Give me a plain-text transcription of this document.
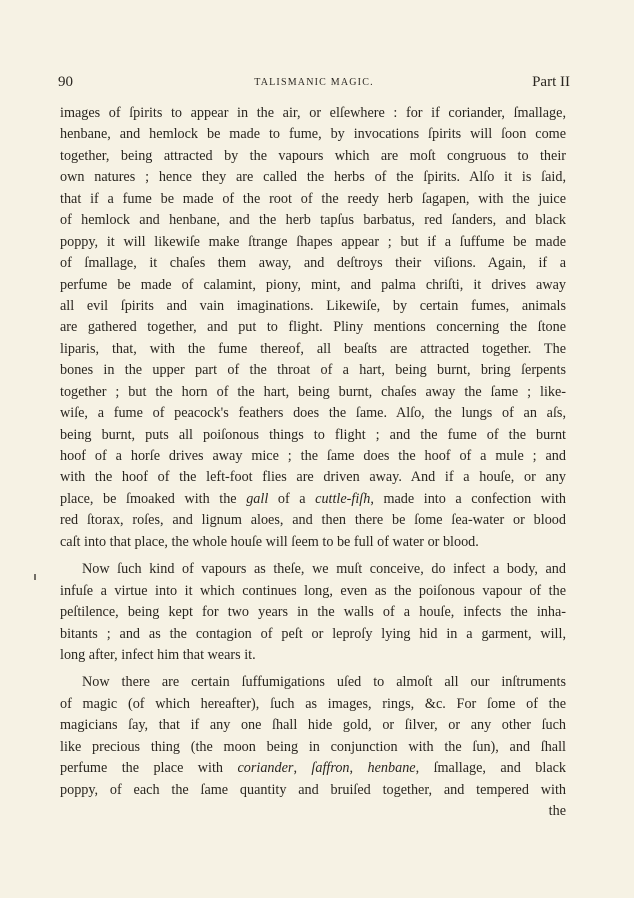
90	TALISMANIC MAGIC.	Part II
images of ſpirits to appear in the air, or elſewhere : for if coriander, ſmallage,
henbane, and hemlock be made to fume, by invocations ſpirits will ſoon come
together, being attracted by the vapours which are moſt congruous to their
own natures ; hence they are called the herbs of the ſpirits. Alſo it is ſaid,
that if a fume be made of the root of the reedy herb ſagapen, with the juice
of hemlock and henbane, and the herb tapſus barbatus, red ſanders, and black
poppy, it will likewiſe make ſtrange ſhapes appear ; but if a ſuffume be made
of ſmallage, it chaſes them away, and deſtroys their viſions. Again, if a
perfume be made of calamint, piony, mint, and palma chriſti, it drives away
all evil ſpirits and vain imaginations. Likewiſe, by certain fumes, animals
are gathered together, and put to flight. Pliny mentions concerning the ſtone
liparis, that, with the fume thereof, all beaſts are attracted together. The
bones in the upper part of the throat of a hart, being burnt, bring ſerpents
together ; but the horn of the hart, being burnt, chaſes away the ſame ; like-
wiſe, a fume of peacock's feathers does the ſame. Alſo, the lungs of an aſs,
being burnt, puts all poiſonous things to flight ; and the fume of the burnt
hoof of a horſe drives away mice ; the ſame does the hoof of a mule ; and
with the hoof of the left-foot flies are driven away. And if a houſe, or any
place, be ſmoaked with the gall of a cuttle-fiſh, made into a confection with
red ſtorax, roſes, and lignum aloes, and then there be ſome ſea-water or blood
caſt into that place, the whole houſe will ſeem to be full of water or blood.
Now ſuch kind of vapours as theſe, we muſt conceive, do infect a body, and
infuſe a virtue into it which continues long, even as the poiſonous vapour of the
peſtilence, being kept for two years in the walls of a houſe, infects the inha-
bitants ; and as the contagion of peſt or leproſy lying hid in a garment, will,
long after, infect him that wears it.
Now there are certain ſuffumigations uſed to almoſt all our inſtruments
of magic (of which hereafter), ſuch as images, rings, &c. For ſome of the
magicians ſay, that if any one ſhall hide gold, or ſilver, or any other ſuch
like precious thing (the moon being in conjunction with the ſun), and ſhall
perfume the place with coriander, ſaffron, henbane, ſmallage, and black
poppy, of each the ſame quantity and bruiſed together, and tempered with
the
